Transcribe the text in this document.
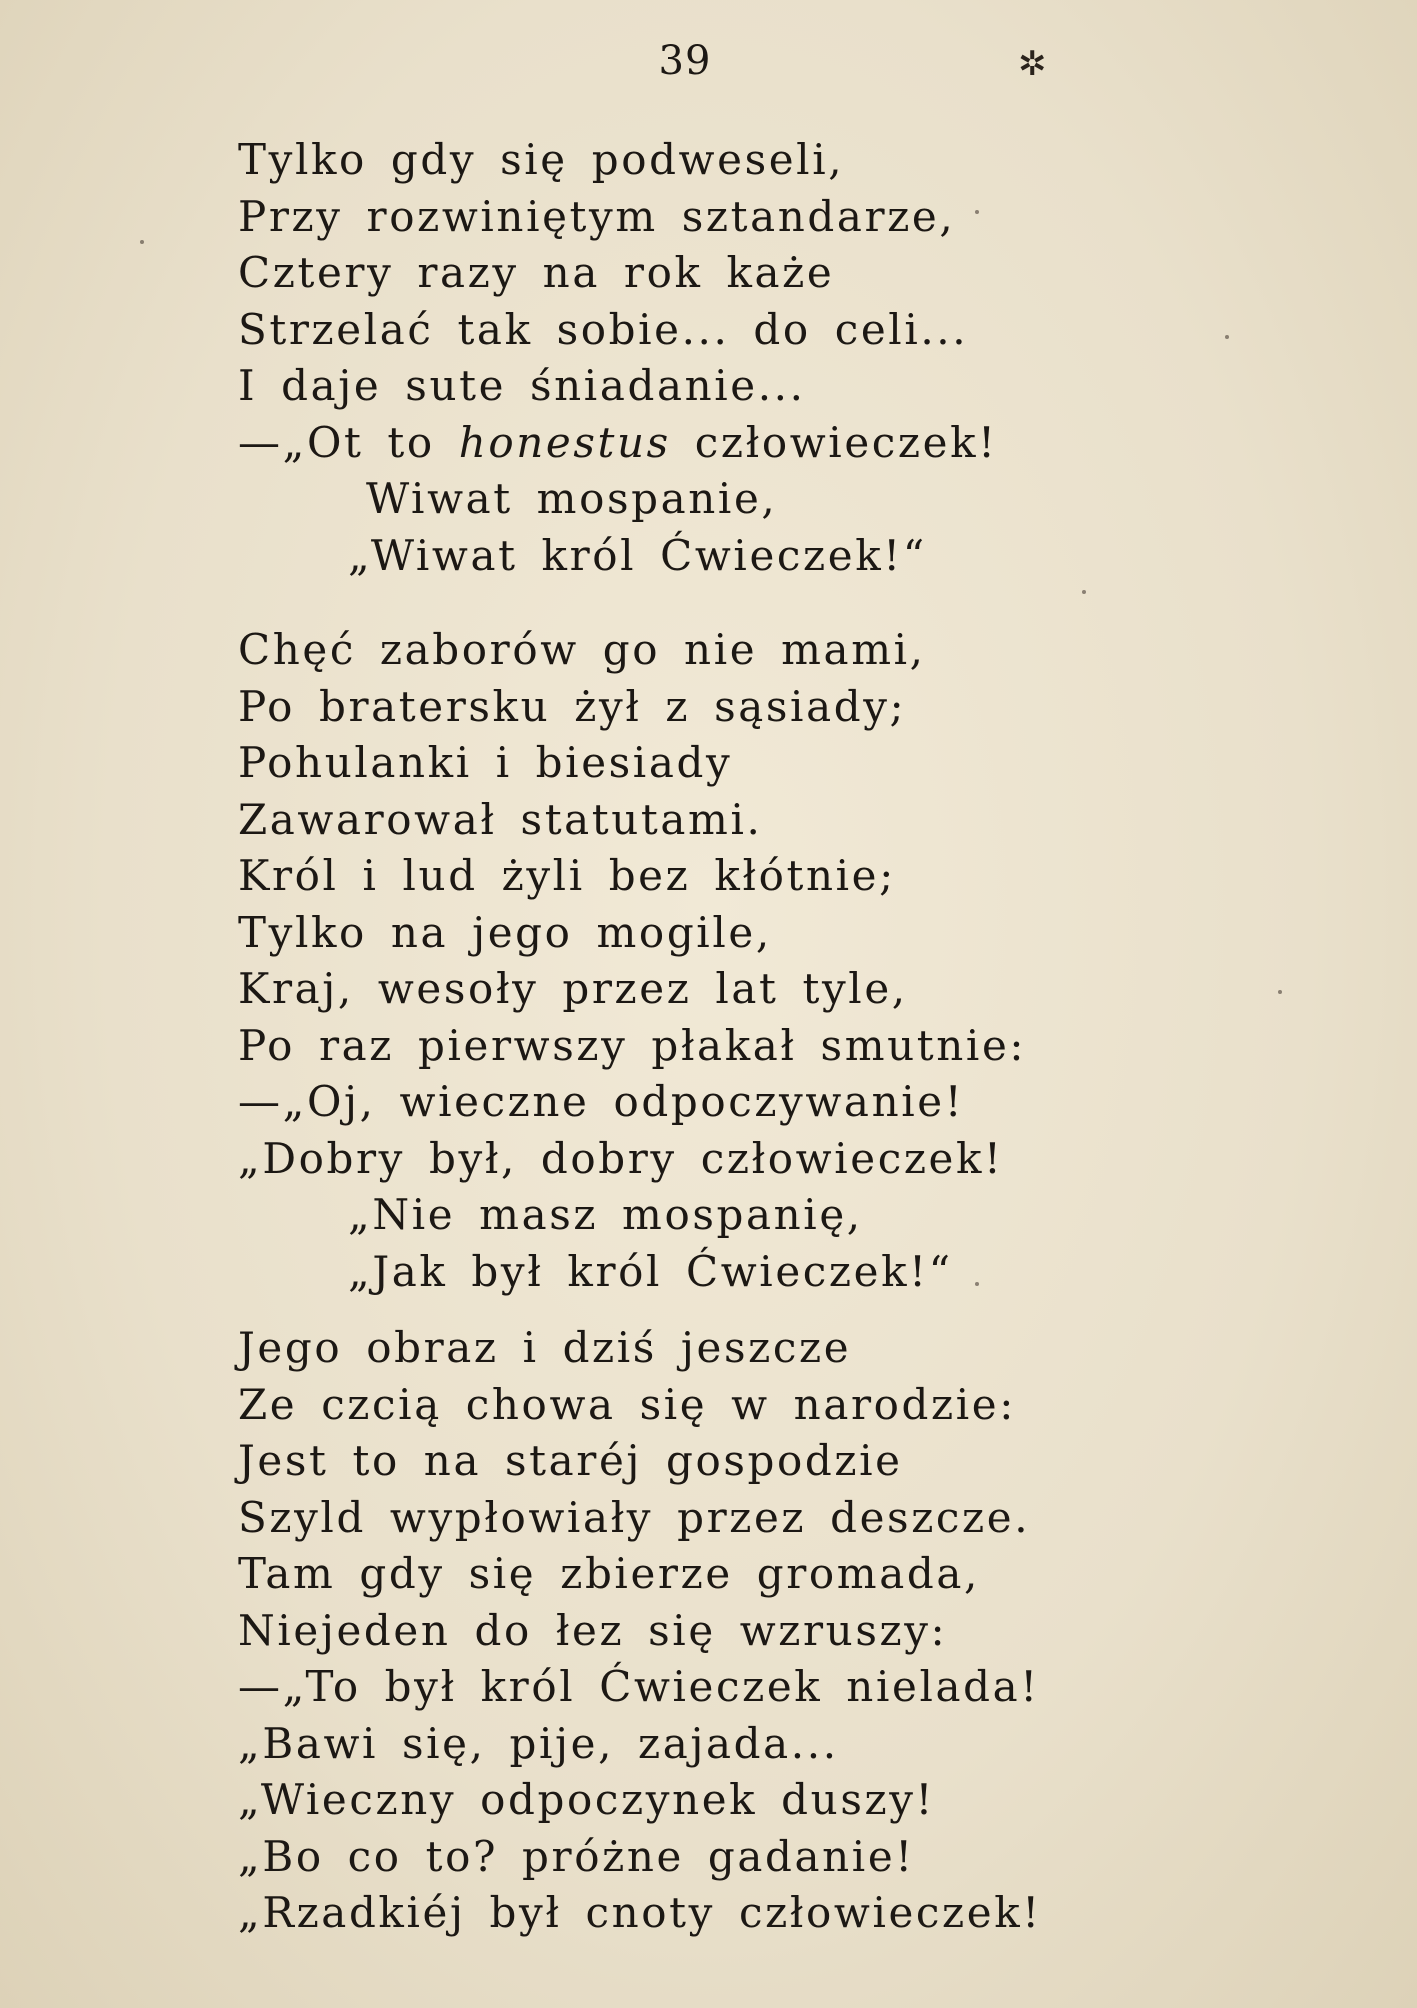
39	✲
Tylko gdy się podweseli,
Przy rozwiniętym sztandarze,
Cztery razy na rok każe
Strzelać tak sobie... do celi...
I daje sute śniadanie...
—„Ot to honestus człowieczek!
Wiwat mospanie,
„Wiwat król Ćwieczek!“
Chęć zaborów go nie mami,
Po bratersku żył z sąsiady;
Pohulanki i biesiady
Zawarował statutami.
Król i lud żyli bez kłótnie;
Tylko na jego mogile,
Kraj, wesoły przez lat tyle,
Po raz pierwszy płakał smutnie:
—„Oj, wieczne odpoczywanie!
„Dobry był, dobry człowieczek!
„Nie masz mospanię,
„Jak był król Ćwieczek!“
Jego obraz i dziś jeszcze
Ze czcią chowa się w narodzie:
Jest to na staréj gospodzie
Szyld wypłowiały przez deszcze.
Tam gdy się zbierze gromada,
Niejeden do łez się wzruszy:
—„To był król Ćwieczek nielada!
„Bawi się, pije, zajada...
„Wieczny odpoczynek duszy!
„Bo co to? próżne gadanie!
„Rzadkiéj był cnoty człowieczek!
